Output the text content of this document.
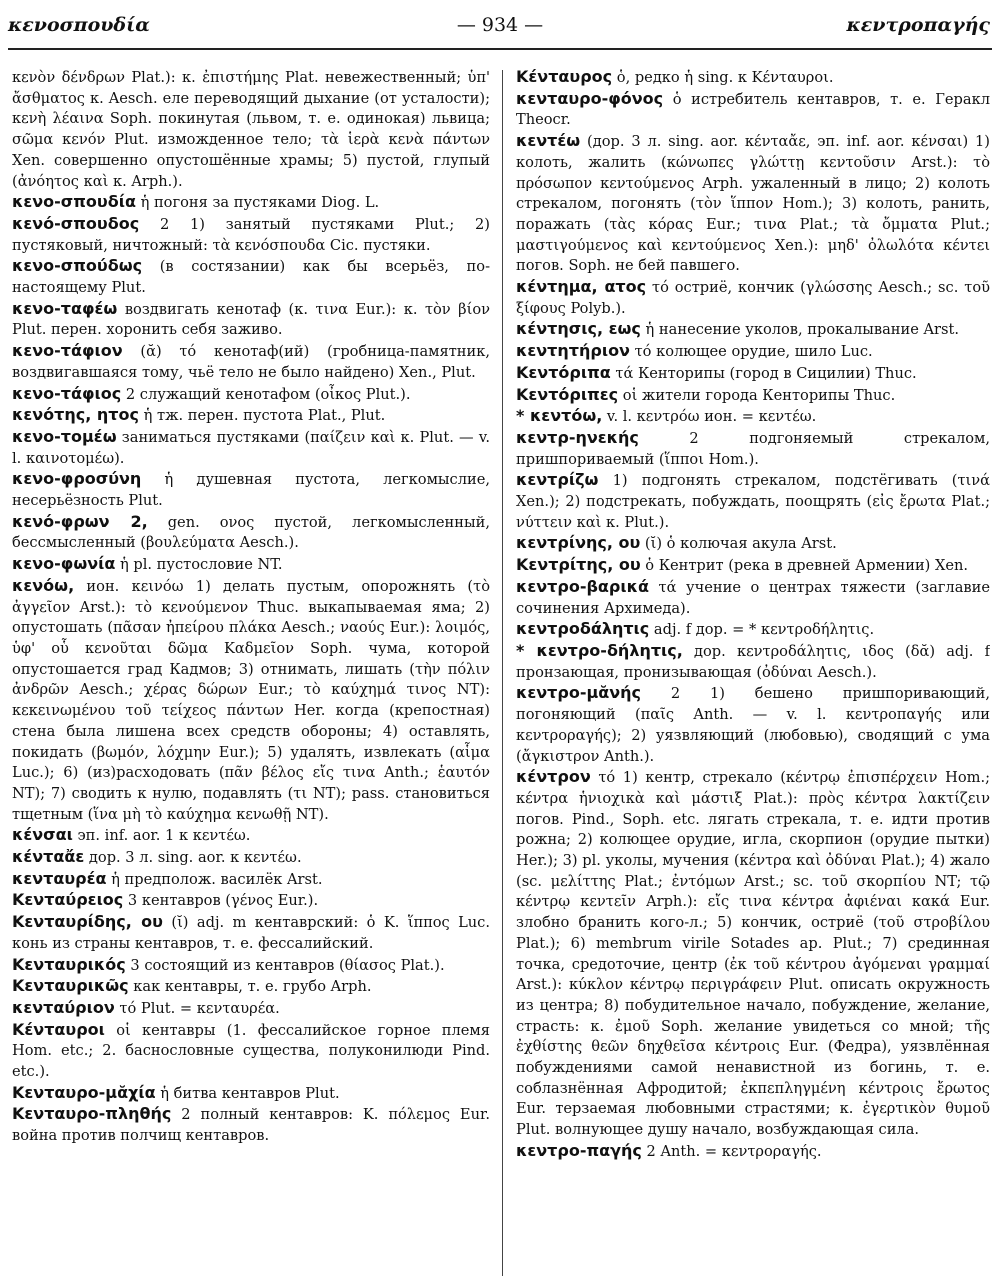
— 934 —
κενοσπουδία	κεντροπαγής

κενὸν δένδρων Plat.): κ. ἐπιστήμης Plat. невежественный; ὑπ' ἄσθματος κ. Aesch. еле переводящий дыхание (от усталости); κενὴ λέαινα Soph. покинутая (львом, т. е. одинокая) львица; σῶμα κενόν Plut. изможденное тело; τὰ ἱερὰ κενὰ πάντων Xen. совершенно опустошённые храмы; 5) пустой, глупый (ἀνόητος καὶ κ. Arph.).

κενο-σπουδία ἡ погоня за пустяками Diog. L.

κενό-σπουδος 2 1) занятый пустяками Plut.; 2) пустяковый, ничтожный: τὰ κενόσπουδα Cic. пустяки.

κενο-σπούδως (в состязании) как бы всерьёз, по-настоящему Plut.

κενο-ταφέω воздвигать кенотаф (κ. τινα Eur.): κ. τὸν βίον Plut. перен. хоронить себя заживо.

κενο-τάφιον (ᾰ) τό кенотаф(ий) (гробница-памятник, воздвигавшаяся тому, чьё тело не было найдено) Xen., Plut.

κενο-τάφιος 2 служащий кенотафом (οἶκος Plut.).

κενότης, ητος ἡ тж. перен. пустота Plat., Plut.

κενο-τομέω заниматься пустяками (παίζειν καὶ κ. Plut. — v. l. καινοτομέω).

κενο-φροσύνη ἡ душевная пустота, легкомыслие, несерьёзность Plut.

κενό-φρων 2, gen. ονος пустой, легкомысленный, бессмысленный (βουλεύματα Aesch.).

κενο-φωνία ἡ pl. пустословие NT.

κενόω, ион. κεινόω 1) делать пустым, опорожнять (τὸ ἀγγεῖον Arst.): τὸ κενούμενον Thuc. выкапываемая яма; 2) опустошать (πᾶσαν ἠπείρου πλάκα Aesch.; ναούς Eur.): λοιμός, ὑφ' οὗ κενοῦται δῶμα Καδμεῖον Soph. чума, которой опустошается град Кадмов; 3) отнимать, лишать (τὴν πόλιν ἀνδρῶν Aesch.; χέρας δώρων Eur.; τὸ καύχημά τινος NT): κεκεινωμένου τοῦ τείχεος πάντων Her. когда (крепостная) стена была лишена всех средств обороны; 4) оставлять, покидать (βωμόν, λόχμην Eur.); 5) удалять, извлекать (αἷμα Luc.); 6) (из)расходовать (πᾶν βέλος εἴς τινα Anth.; ἑαυτόν NT); 7) сводить к нулю, подавлять (τι NT); pass. становиться тщетным (ἵνα μὴ τὸ καύχημα κενωθῇ NT).

κένσαι эп. inf. aor. 1 к κεντέω.

κένταἄε дор. 3 л. sing. aor. к κεντέω.

κενταυρέα ἡ предполож. василёк Arst.

Κενταύρειος 3 кентавров (γένος Eur.).

Κενταυρίδης, ου (ῐ) adj. m кентаврский: ὁ Κ. ἵππος Luc. конь из страны кентавров, т. е. фессалийский.

Κενταυρικός 3 состоящий из кентавров (θίασος Plat.).

Κενταυρικῶς как кентавры, т. е. грубо Arph.

κενταύριον τό Plut. = κενταυρέα.

Κένταυροι οἱ кентавры (1. фессалийское горное племя Hom. etc.; 2. баснословные существа, полуконилюди Pind. etc.).

Κενταυρο-μᾰχία ἡ битва кентавров Plut.

Κενταυρο-πληθής 2 полный кентавров: Κ. πόλεμος Eur. война против полчищ кентавров.

Κένταυρος ὁ, редко ἡ sing. к Κένταυροι.

κενταυρο-φόνος ὁ истребитель кентавров, т. е. Геракл Theocr.

κεντέω (дор. 3 л. sing. aor. κένταἄε, эп. inf. aor. κένσαι) 1) колоть, жалить (κώνωπες γλώττῃ κεντοῦσιν Arst.): τὸ πρόσωπον κεντούμενος Arph. ужаленный в лицо; 2) колоть стрекалом, погонять (τὸν ἵππον Hom.); 3) колоть, ранить, поражать (τὰς κόρας Eur.; τινα Plat.; τὰ ὄμματα Plut.; μαστιγούμενος καὶ κεντούμενος Xen.): μηδ' ὀλωλότα κέντει погов. Soph. не бей павшего.

κέντημα, ατος τό остриё, кончик (γλώσσης Aesch.; sc. τοῦ ξίφους Polyb.).

κέντησις, εως ἡ нанесение уколов, прокалывание Arst.

κεντητήριον τό колющее орудие, шило Luc.

Κεντόριπα τά Кенторипы (город в Сицилии) Thuc.

Κεντόριπες οἱ жители города Кенторипы Thuc.

* κεντόω, v. l. κεντρόω ион. = κεντέω.

κεντρ-ηνεκής 2 подгоняемый стрекалом, пришпориваемый (ἵπποι Hom.).

κεντρίζω 1) подгонять стрекалом, подстёгивать (τινά Xen.); 2) подстрекать, побуждать, поощрять (εἰς ἔρωτα Plat.; νύττειν καὶ κ. Plut.).

κεντρίνης, ου (ῐ) ὁ колючая акула Arst.

Κεντρίτης, ου ὁ Кентрит (река в древней Армении) Xen.

κεντρο-βαρικά τά учение о центрах тяжести (заглавие сочинения Архимеда).

κεντροδάλητις adj. f дор. = * κεντροδήλητις.

* κεντρο-δήλητις, дор. κεντροδάλητις, ιδος (δᾰ) adj. f пронзающая, пронизывающая (ὀδύναι Aesch.).

κεντρο-μᾰνής 2 1) бешено пришпоривающий, погоняющий (παῖς Anth. — v. l. κεντροπαγής или κεντροραγής); 2) уязвляющий (любовью), сводящий с ума (ἄγκιστρον Anth.).

κέντρον τό 1) кентр, стрекало (κέντρῳ ἐπισπέρχειν Hom.; κέντρα ἡνιοχικὰ καὶ μάστιξ Plat.): πρὸς κέντρα λακτίζειν погов. Pind., Soph. etc. лягать стрекала, т. е. идти против рожна; 2) колющее орудие, игла, скорпион (орудие пытки) Her.); 3) pl. уколы, мучения (κέντρα καὶ ὀδύναι Plat.); 4) жало (sc. μελίττης Plat.; ἐντόμων Arst.; sc. τοῦ σκορπίου NT; τῷ κέντρῳ κεντεῖν Arph.): εἴς τινα κέντρα ἀφιέναι κακά Eur. злобно бранить кого-л.; 5) кончик, остриё (τοῦ στροβίλου Plat.); 6) membrum virile Sotades ap. Plut.; 7) срединная точка, средоточие, центр (ἐκ τοῦ κέντρου ἀγόμεναι γραμμαί Arst.): κύκλον κέντρῳ περιγράφειν Plut. описать окружность из центра; 8) побудительное начало, побуждение, желание, страсть: κ. ἐμοῦ Soph. желание увидеться со мной; τῆς ἐχθίστης θεῶν δηχθεῖσα κέντροις Eur. (Федра), уязвлённая побуждениями самой ненавистной из богинь, т. е. соблазнённая Афродитой; ἐκπεπληγμένη κέντροις ἔρωτος Eur. терзаемая любовными страстями; κ. ἐγερτικὸν θυμοῦ Plut. волнующее душу начало, возбуждающая сила.

κεντρο-παγής 2 Anth. = κεντροραγής.
